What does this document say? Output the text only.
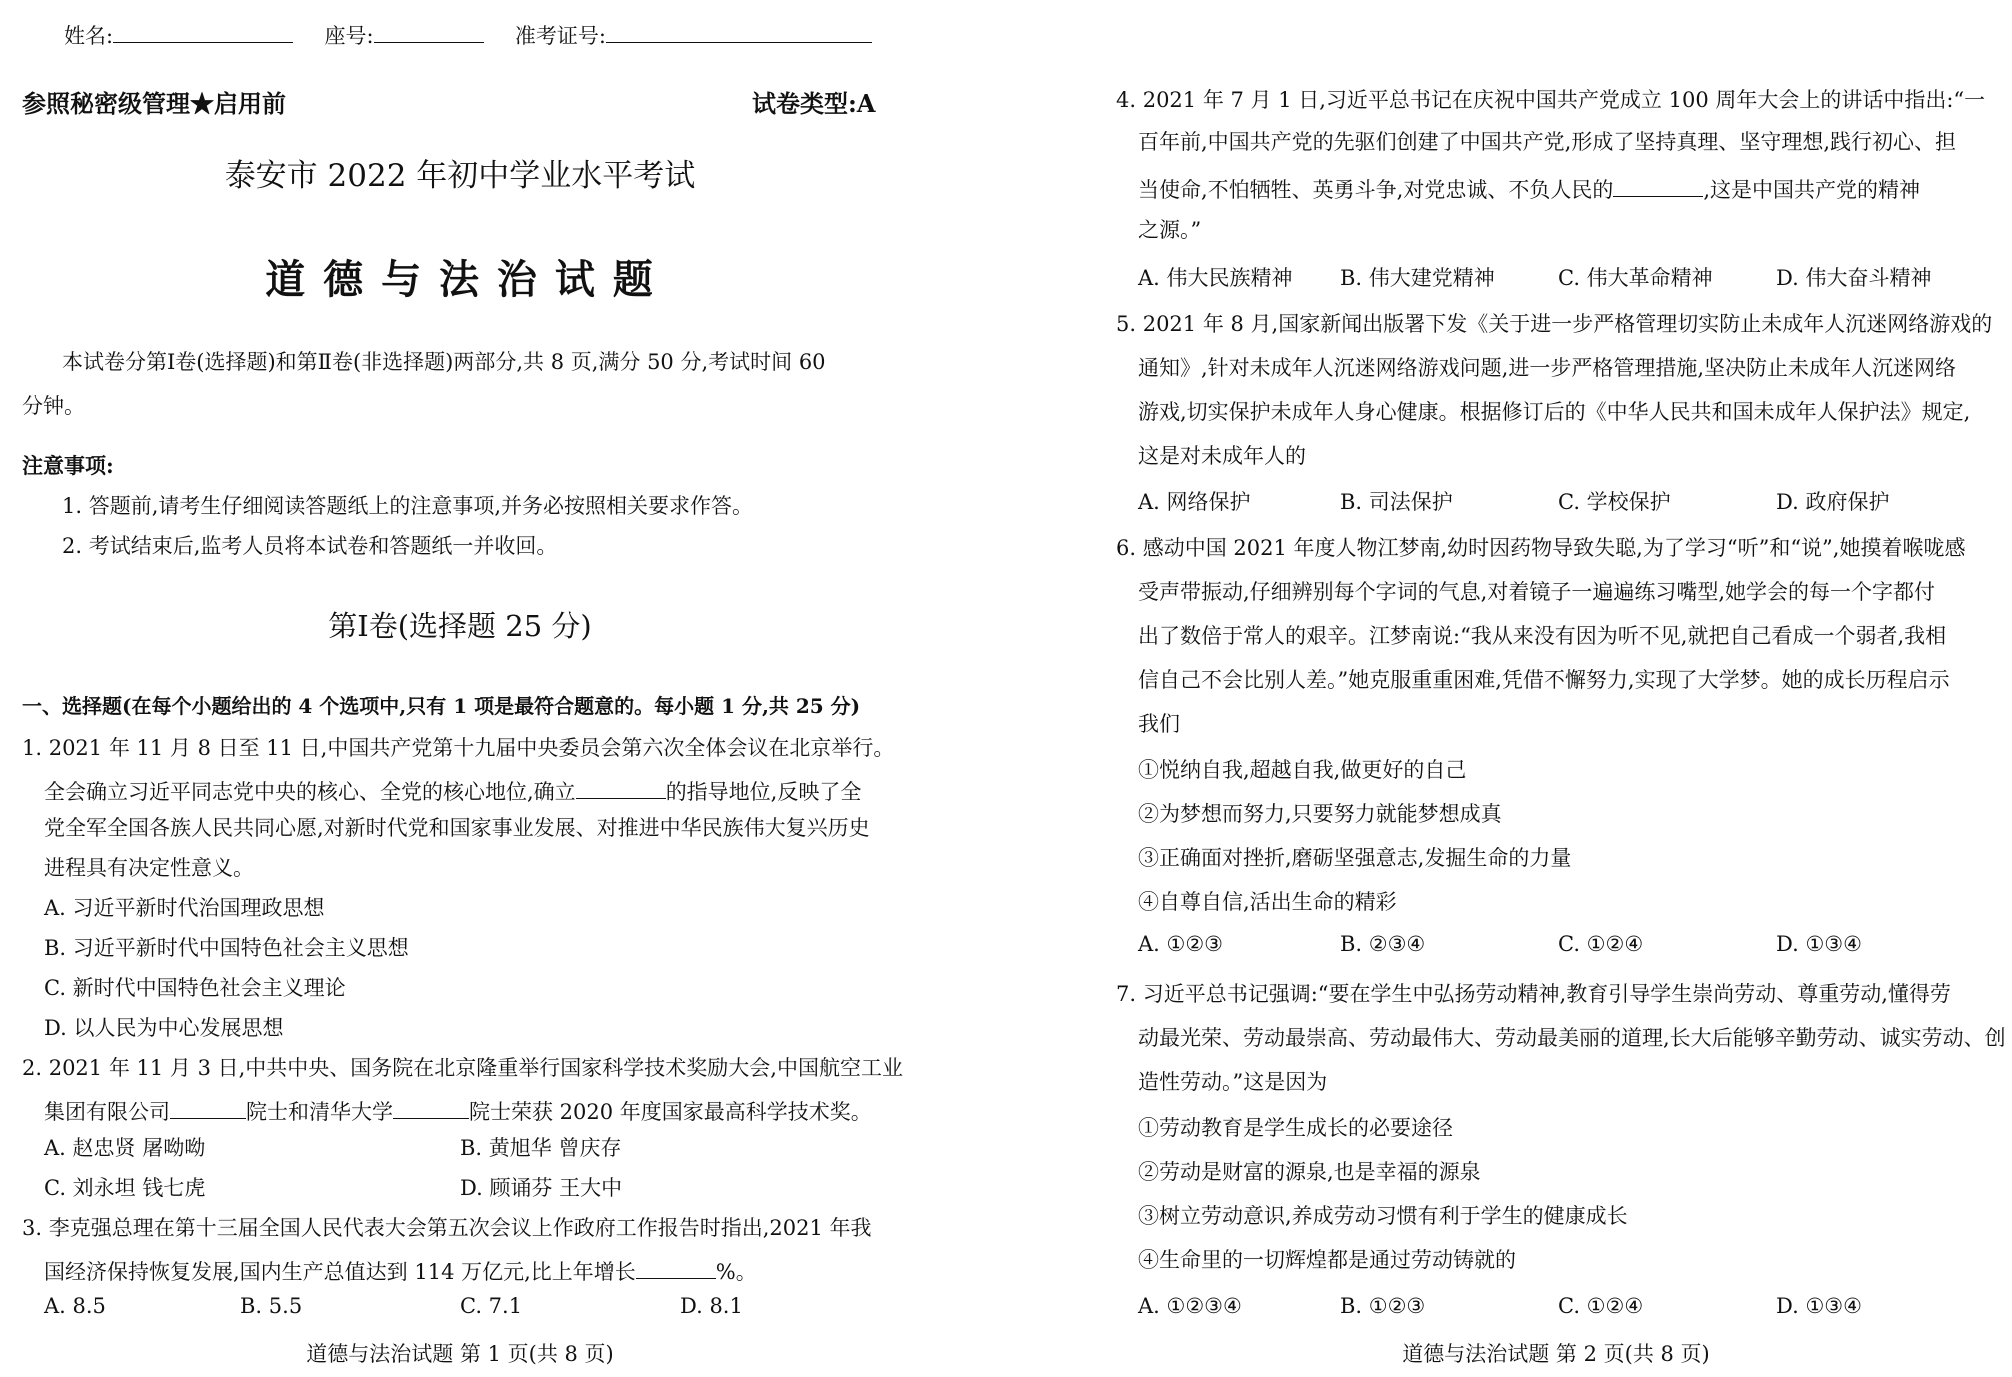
姓名:	座号:	准考证号:
参照秘密级管理★启用前	试卷类型:A
泰安市 2022 年初中学业水平考试
道 德 与 法 治 试 题
本试卷分第Ⅰ卷(选择题)和第Ⅱ卷(非选择题)两部分,共 8 页,满分 50 分,考试时间 60
分钟。
注意事项:
1. 答题前,请考生仔细阅读答题纸上的注意事项,并务必按照相关要求作答。
2. 考试结束后,监考人员将本试卷和答题纸一并收回。
第Ⅰ卷(选择题 25 分)
一、选择题(在每个小题给出的 4 个选项中,只有 1 项是最符合题意的。每小题 1 分,共 25 分)
1. 2021 年 11 月 8 日至 11 日,中国共产党第十九届中央委员会第六次全体会议在北京举行。
全会确立习近平同志党中央的核心、全党的核心地位,确立	的指导地位,反映了全
党全军全国各族人民共同心愿,对新时代党和国家事业发展、对推进中华民族伟大复兴历史
进程具有决定性意义。
A. 习近平新时代治国理政思想
B. 习近平新时代中国特色社会主义思想
C. 新时代中国特色社会主义理论
D. 以人民为中心发展思想
2. 2021 年 11 月 3 日,中共中央、国务院在北京隆重举行国家科学技术奖励大会,中国航空工业
集团有限公司	院士和清华大学	院士荣获 2020 年度国家最高科学技术奖。
A. 赵忠贤 屠呦呦	B. 黄旭华 曾庆存
C. 刘永坦 钱七虎	D. 顾诵芬 王大中
3. 李克强总理在第十三届全国人民代表大会第五次会议上作政府工作报告时指出,2021 年我
国经济保持恢复发展,国内生产总值达到 114 万亿元,比上年增长	%。
A. 8.5	B. 5.5	C. 7.1	D. 8.1
道德与法治试题 第 1 页(共 8 页)
4. 2021 年 7 月 1 日,习近平总书记在庆祝中国共产党成立 100 周年大会上的讲话中指出:“一
百年前,中国共产党的先驱们创建了中国共产党,形成了坚持真理、坚守理想,践行初心、担
当使命,不怕牺牲、英勇斗争,对党忠诚、不负人民的	,这是中国共产党的精神
之源。”
A. 伟大民族精神 B. 伟大建党精神	C. 伟大革命精神	D. 伟大奋斗精神
5. 2021 年 8 月,国家新闻出版署下发《关于进一步严格管理切实防止未成年人沉迷网络游戏的
通知》,针对未成年人沉迷网络游戏问题,进一步严格管理措施,坚决防止未成年人沉迷网络
游戏,切实保护未成年人身心健康。根据修订后的《中华人民共和国未成年人保护法》规定,
这是对未成年人的
A. 网络保护	B. 司法保护	C. 学校保护	D. 政府保护
6. 感动中国 2021 年度人物江梦南,幼时因药物导致失聪,为了学习“听”和“说”,她摸着喉咙感
受声带振动,仔细辨别每个字词的气息,对着镜子一遍遍练习嘴型,她学会的每一个字都付
出了数倍于常人的艰辛。江梦南说:“我从来没有因为听不见,就把自己看成一个弱者,我相
信自己不会比别人差。”她克服重重困难,凭借不懈努力,实现了大学梦。她的成长历程启示
我们
①悦纳自我,超越自我,做更好的自己
②为梦想而努力,只要努力就能梦想成真
③正确面对挫折,磨砺坚强意志,发掘生命的力量
④自尊自信,活出生命的精彩
A. ①②③	B. ②③④	C. ①②④	D. ①③④
7. 习近平总书记强调:“要在学生中弘扬劳动精神,教育引导学生崇尚劳动、尊重劳动,懂得劳
动最光荣、劳动最崇高、劳动最伟大、劳动最美丽的道理,长大后能够辛勤劳动、诚实劳动、创
造性劳动。”这是因为
①劳动教育是学生成长的必要途径
②劳动是财富的源泉,也是幸福的源泉
③树立劳动意识,养成劳动习惯有利于学生的健康成长
④生命里的一切辉煌都是通过劳动铸就的
A. ①②③④	B. ①②③	C. ①②④	D. ①③④
道德与法治试题 第 2 页(共 8 页)
